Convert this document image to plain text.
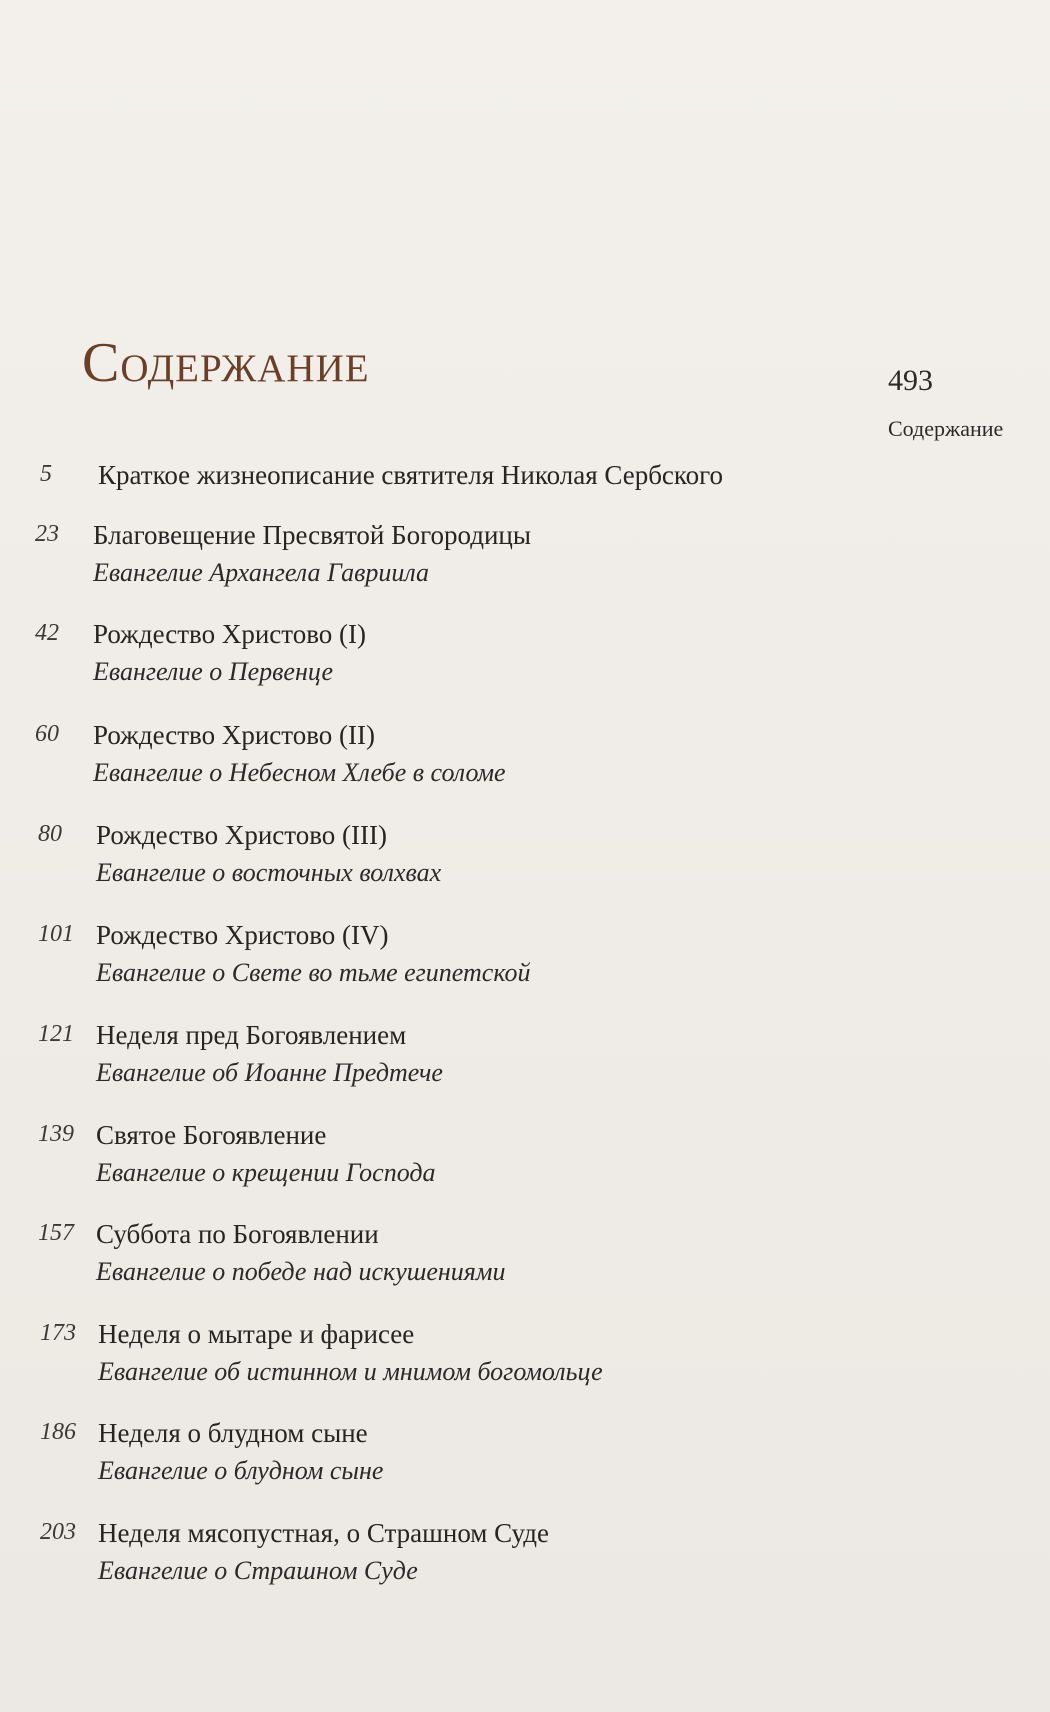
Содержание	493
Содержание
5	Краткое жизнеописание святителя Николая Сербского
23	Благовещение Пресвятой Богородицы
Евангелие Архангела Гавриила
42	Рождество Христово (I)
Евангелие о Первенце
60	Рождество Христово (II)
Евангелие о Небесном Хлебе в соломе
80	Рождество Христово (III)
Евангелие о восточных волхвах
101 Рождество Христово (IV)
Евангелие о Свете во тьме египетской
121 Неделя пред Богоявлением
Евангелие об Иоанне Предтече
139 Святое Богоявление
Евангелие о крещении Господа
157 Суббота по Богоявлении
Евангелие о победе над искушениями
173 Неделя о мытаре и фарисее
Евангелие об истинном и мнимом богомольце
186 Неделя о блудном сыне
Евангелие о блудном сыне
203 Неделя мясопустная, о Страшном Суде
Евангелие о Страшном Суде
